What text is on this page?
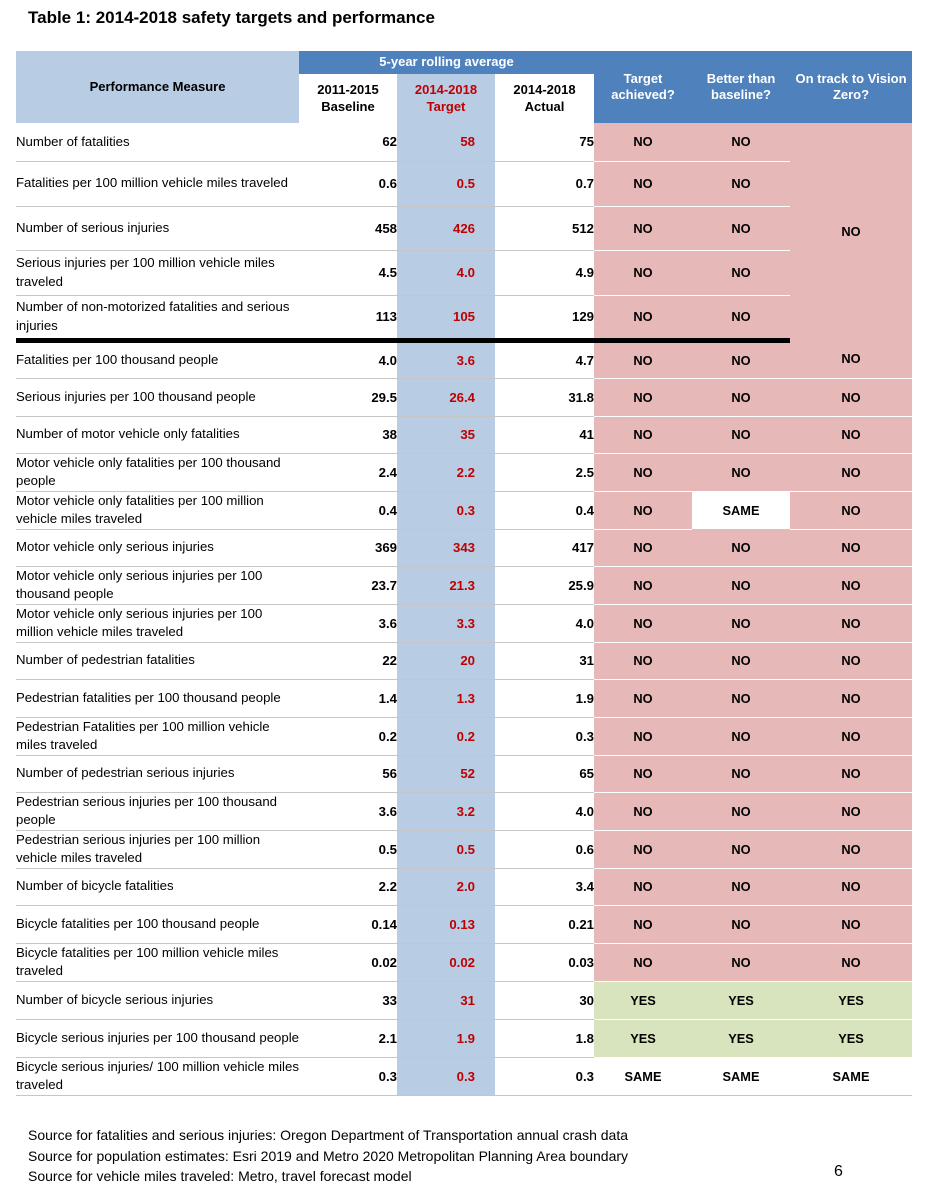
Table 1: 2014-2018 safety targets and performance
Performance Measure	5-year rolling average			Target achieved?	Better than baseline?	On track to Vision Zero?
	2011-2015 Baseline	2014-2018 Target	2014-2018 Actual			
Number of fatalities	62	58	75	NO	NO	NO
Fatalities per 100 million vehicle miles traveled	0.6	0.5	0.7	NO	NO	
Number of serious injuries	458	426	512	NO	NO	
Serious injuries per 100 million vehicle miles traveled	4.5	4.0	4.9	NO	NO	
Number of non-motorized fatalities and serious injuries	113	105	129	NO	NO	
Fatalities per 100 thousand people	4.0	3.6	4.7	NO	NO	NO
Serious injuries per 100 thousand people	29.5	26.4	31.8	NO	NO	NO
Number of motor vehicle only fatalities	38	35	41	NO	NO	NO
Motor vehicle only fatalities per 100 thousand people	2.4	2.2	2.5	NO	NO	NO
Motor vehicle only fatalities per 100 million vehicle miles traveled	0.4	0.3	0.4	NO	SAME	NO
Motor vehicle only serious injuries	369	343	417	NO	NO	NO
Motor vehicle only serious injuries per 100 thousand people	23.7	21.3	25.9	NO	NO	NO
Motor vehicle only serious injuries per 100 million vehicle miles traveled	3.6	3.3	4.0	NO	NO	NO
Number of pedestrian fatalities	22	20	31	NO	NO	NO
Pedestrian fatalities per 100 thousand people	1.4	1.3	1.9	NO	NO	NO
Pedestrian Fatalities per 100 million vehicle miles traveled	0.2	0.2	0.3	NO	NO	NO
Number of pedestrian serious injuries	56	52	65	NO	NO	NO
Pedestrian serious injuries per 100 thousand people	3.6	3.2	4.0	NO	NO	NO
Pedestrian serious injuries per 100 million vehicle miles traveled	0.5	0.5	0.6	NO	NO	NO
Number of bicycle fatalities	2.2	2.0	3.4	NO	NO	NO
Bicycle fatalities per 100 thousand people	0.14	0.13	0.21	NO	NO	NO
Bicycle fatalities per 100 million vehicle miles traveled	0.02	0.02	0.03	NO	NO	NO
Number of bicycle serious injuries	33	31	30	YES	YES	YES
Bicycle serious injuries per 100 thousand people	2.1	1.9	1.8	YES	YES	YES
Bicycle serious injuries/ 100 million vehicle miles traveled	0.3	0.3	0.3	SAME	SAME	SAME
Source for fatalities and serious injuries: Oregon Department of Transportation annual crash data
Source for population estimates: Esri 2019 and Metro 2020 Metropolitan Planning Area boundary
Source for vehicle miles traveled: Metro, travel forecast model	6
